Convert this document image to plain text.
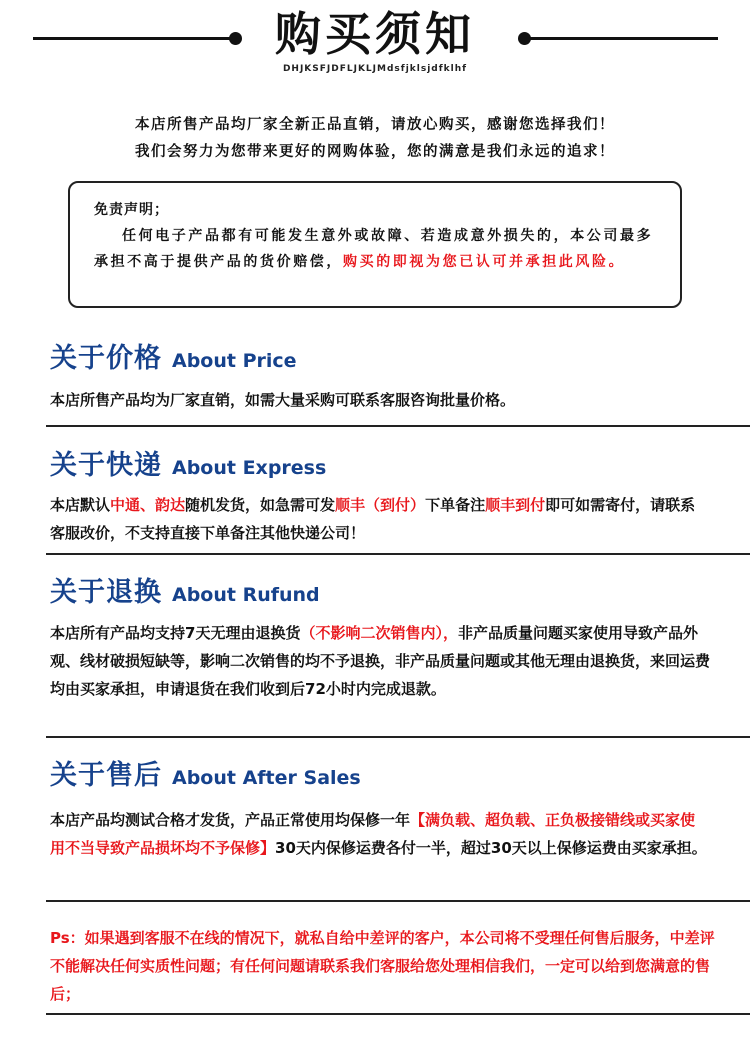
购买须知
DHJKSFJDFLJKLJMdsfjklsjdfklhf
本店所售产品均厂家全新正品直销，请放心购买，感谢您选择我们！
我们会努力为您带来更好的网购体验，您的满意是我们永远的追求！
免责声明；
任何电子产品都有可能发生意外或故障、若造成意外损失的，本公司最多承担不高于提供产品的货价赔偿，购买的即视为您已认可并承担此风险。
关于价格 About Price
本店所售产品均为厂家直销，如需大量采购可联系客服咨询批量价格。
关于快递 About Express
本店默认中通、韵达随机发货，如急需可发顺丰（到付）下单备注顺丰到付即可如需寄付，请联系客服改价，不支持直接下单备注其他快递公司！
关于退换 About Rufund
本店所有产品均支持7天无理由退换货（不影响二次销售内），非产品质量问题买家使用导致产品外观、线材破损短缺等，影响二次销售的均不予退换，非产品质量问题或其他无理由退换货，来回运费均由买家承担，申请退货在我们收到后72小时内完成退款。
关于售后 About After Sales
本店产品均测试合格才发货，产品正常使用均保修一年【满负载、超负载、正负极接错线或买家使用不当导致产品损坏均不予保修】30天内保修运费各付一半，超过30天以上保修运费由买家承担。
Ps：如果遇到客服不在线的情况下，就私自给中差评的客户，本公司将不受理任何售后服务，中差评不能解决任何实质性问题；有任何问题请联系我们客服给您处理相信我们，一定可以给到您满意的售后；
